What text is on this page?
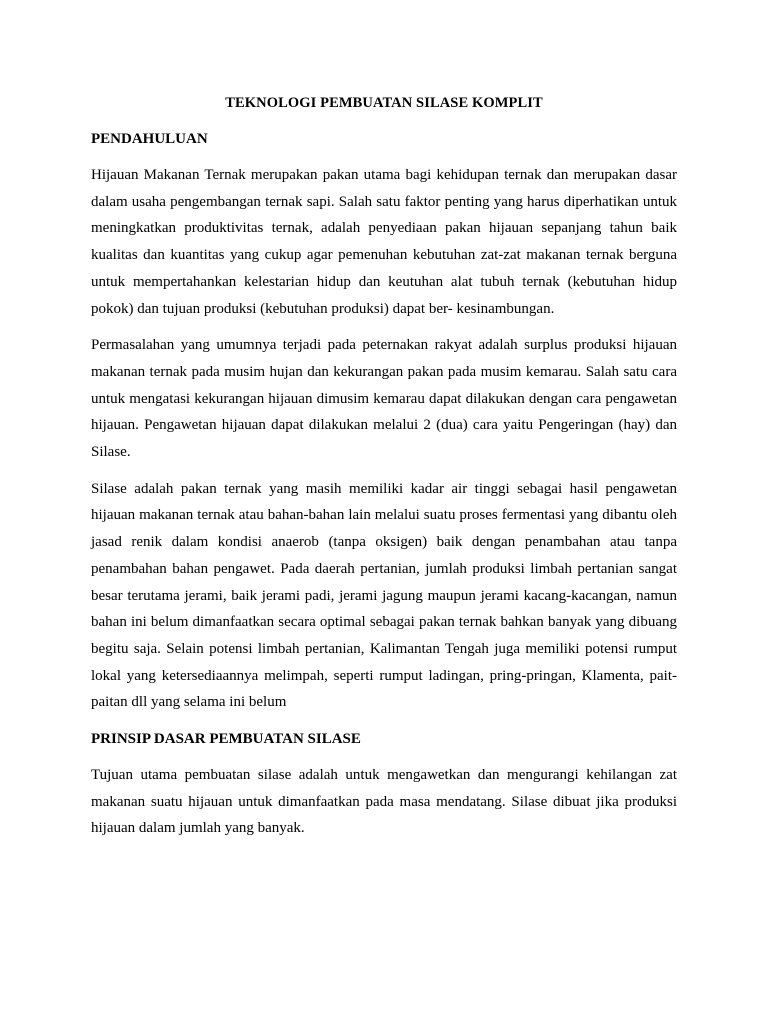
TEKNOLOGI PEMBUATAN SILASE KOMPLIT
PENDAHULUAN

Hijauan Makanan Ternak merupakan pakan utama bagi kehidupan ternak dan merupakan dasar dalam usaha pengembangan ternak sapi. Salah satu faktor penting yang harus diperhatikan untuk meningkatkan produktivitas ternak, adalah penyediaan pakan hijauan sepanjang tahun baik kualitas dan kuantitas yang cukup agar pemenuhan kebutuhan zat-zat makanan ternak berguna untuk mempertahankan kelestarian hidup dan keutuhan alat tubuh ternak (kebutuhan hidup pokok) dan tujuan produksi (kebutuhan produksi) dapat ber- kesinambungan.

Permasalahan yang umumnya terjadi pada peternakan rakyat adalah surplus produksi hijauan makanan ternak pada musim hujan dan kekurangan pakan pada musim kemarau. Salah satu cara untuk mengatasi kekurangan hijauan dimusim kemarau dapat dilakukan dengan cara pengawetan hijauan. Pengawetan hijauan dapat dilakukan melalui 2 (dua) cara yaitu Pengeringan (hay) dan Silase.

Silase adalah pakan ternak yang masih memiliki kadar air tinggi sebagai hasil pengawetan hijauan makanan ternak atau bahan-bahan lain melalui suatu proses fermentasi yang dibantu oleh jasad renik dalam kondisi anaerob (tanpa oksigen) baik dengan penambahan atau tanpa penambahan bahan pengawet. Pada daerah pertanian, jumlah produksi limbah pertanian sangat besar terutama jerami, baik jerami padi, jerami jagung maupun jerami kacang-kacangan, namun bahan ini belum dimanfaatkan secara optimal sebagai pakan ternak bahkan banyak yang dibuang begitu saja. Selain potensi limbah pertanian, Kalimantan Tengah juga memiliki potensi rumput lokal yang ketersediaannya melimpah, seperti rumput ladingan, pring-pringan, Klamenta, pait-paitan dll yang selama ini belum

PRINSIP DASAR PEMBUATAN SILASE

Tujuan utama pembuatan silase adalah untuk mengawetkan dan mengurangi kehilangan zat makanan suatu hijauan untuk dimanfaatkan pada masa mendatang. Silase dibuat jika produksi hijauan dalam jumlah yang banyak.
